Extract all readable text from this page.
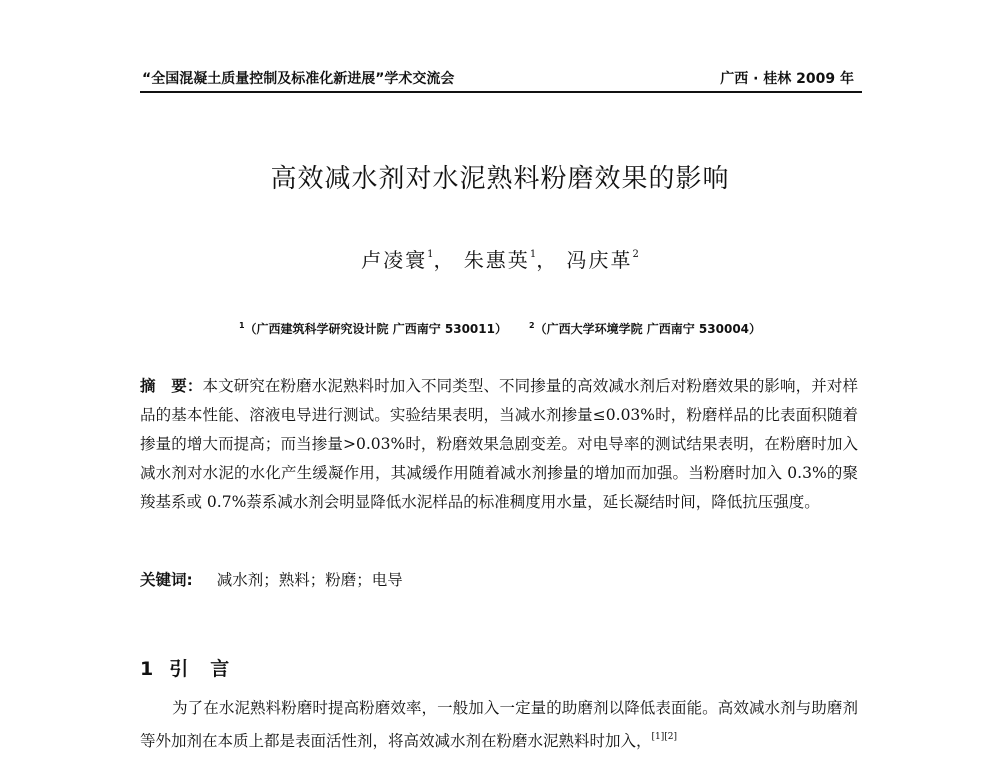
“全国混凝土质量控制及标准化新进展”学术交流会	广西 · 桂林 2009 年
高效减水剂对水泥熟料粉磨效果的影响
卢凌寰$^1$， 朱惠英$^1$， 冯庆革$^2$
$^1$（广西建筑科学研究设计院 广西南宁 530011）	$^2$（广西大学环境学院 广西南宁 530004）
摘　要：本文研究在粉磨水泥熟料时加入不同类型、不同掺量的高效减水剂后对粉磨效果的影响，并对样品的基本性能、溶液电导进行测试。实验结果表明，当减水剂掺量≤0.03%时，粉磨样品的比表面积随着掺量的增大而提高；而当掺量>0.03%时，粉磨效果急剧变差。对电导率的测试结果表明，在粉磨时加入减水剂对水泥的水化产生缓凝作用，其减缓作用随着减水剂掺量的增加而加强。当粉磨时加入 0.3%的聚羧基系或 0.7%萘系减水剂会明显降低水泥样品的标准稠度用水量，延长凝结时间，降低抗压强度。
关键词: 减水剂；熟料；粉磨；电导
1 引言
为了在水泥熟料粉磨时提高粉磨效率，一般加入一定量的助磨剂以降低表面能。高效减水剂与助磨剂等外加剂在本质上都是表面活性剂，将高效减水剂在粉磨水泥熟料时加入，[1][2]
